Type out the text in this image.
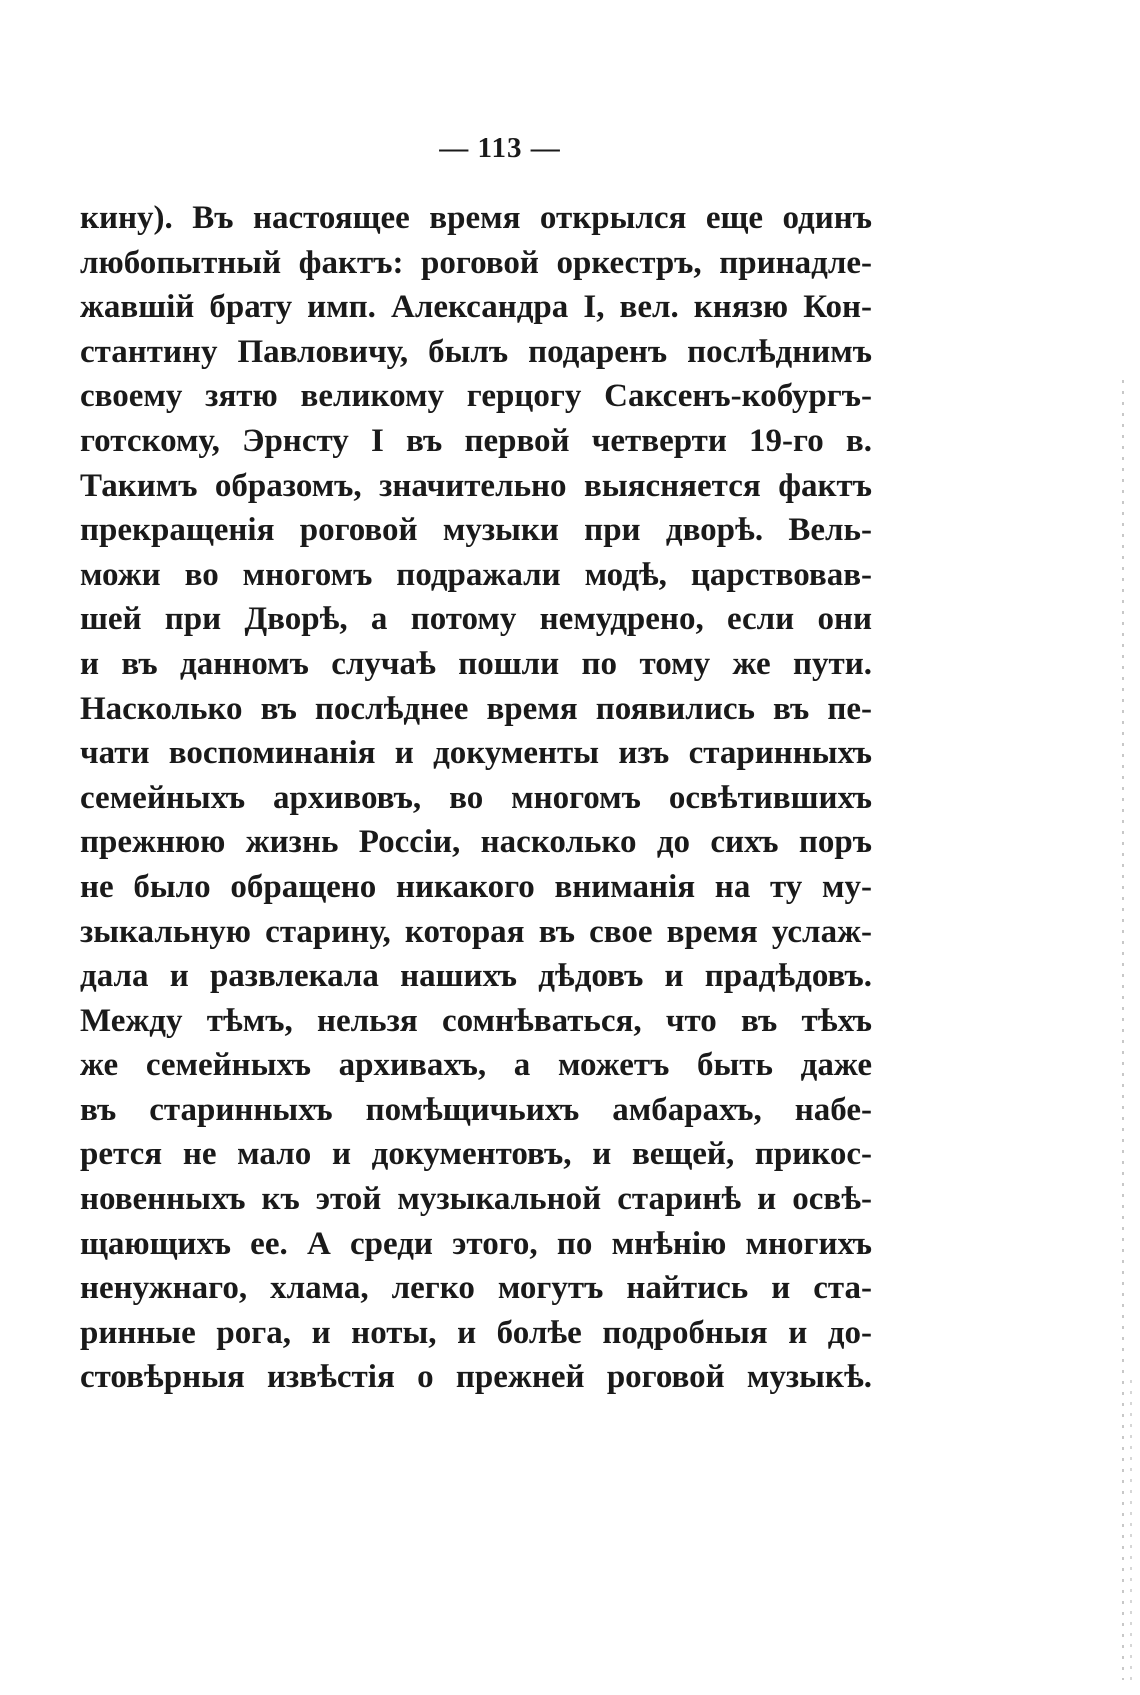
— 113 —
кину). Въ настоящее время открылся еще одинъ
любопытный фактъ: роговой оркестръ, принадле-
жавшій брату имп. Александра I, вел. князю Кон-
стантину Павловичу, былъ подаренъ послѣднимъ
своему зятю великому герцогу Саксенъ-кобургъ-
готскому, Эрнсту I въ первой четверти 19-го в.
Такимъ образомъ, значительно выясняется фактъ
прекращенія роговой музыки при дворѣ. Вель-
можи во многомъ подражали модѣ, царствовав-
шей при Дворѣ, а потому немудрено, если они
и въ данномъ случаѣ пошли по тому же пути.
Насколько въ послѣднее время появились въ пе-
чати воспоминанія и документы изъ старинныхъ
семейныхъ архивовъ, во многомъ освѣтившихъ
прежнюю жизнь Россіи, насколько до сихъ поръ
не было обращено никакого вниманія на ту му-
зыкальную старину, которая въ свое время услаж-
дала и развлекала нашихъ дѣдовъ и прадѣдовъ.
Между тѣмъ, нельзя сомнѣваться, что въ тѣхъ
же семейныхъ архивахъ, а можетъ быть даже
въ старинныхъ помѣщичьихъ амбарахъ, набе-
рется не мало и документовъ, и вещей, прикос-
новенныхъ къ этой музыкальной старинѣ и освѣ-
щающихъ ее. А среди этого, по мнѣнію многихъ
ненужнаго, хлама, легко могутъ найтись и ста-
ринные рога, и ноты, и болѣе подробныя и до-
стовѣрныя извѣстія о прежней роговой музыкѣ.
